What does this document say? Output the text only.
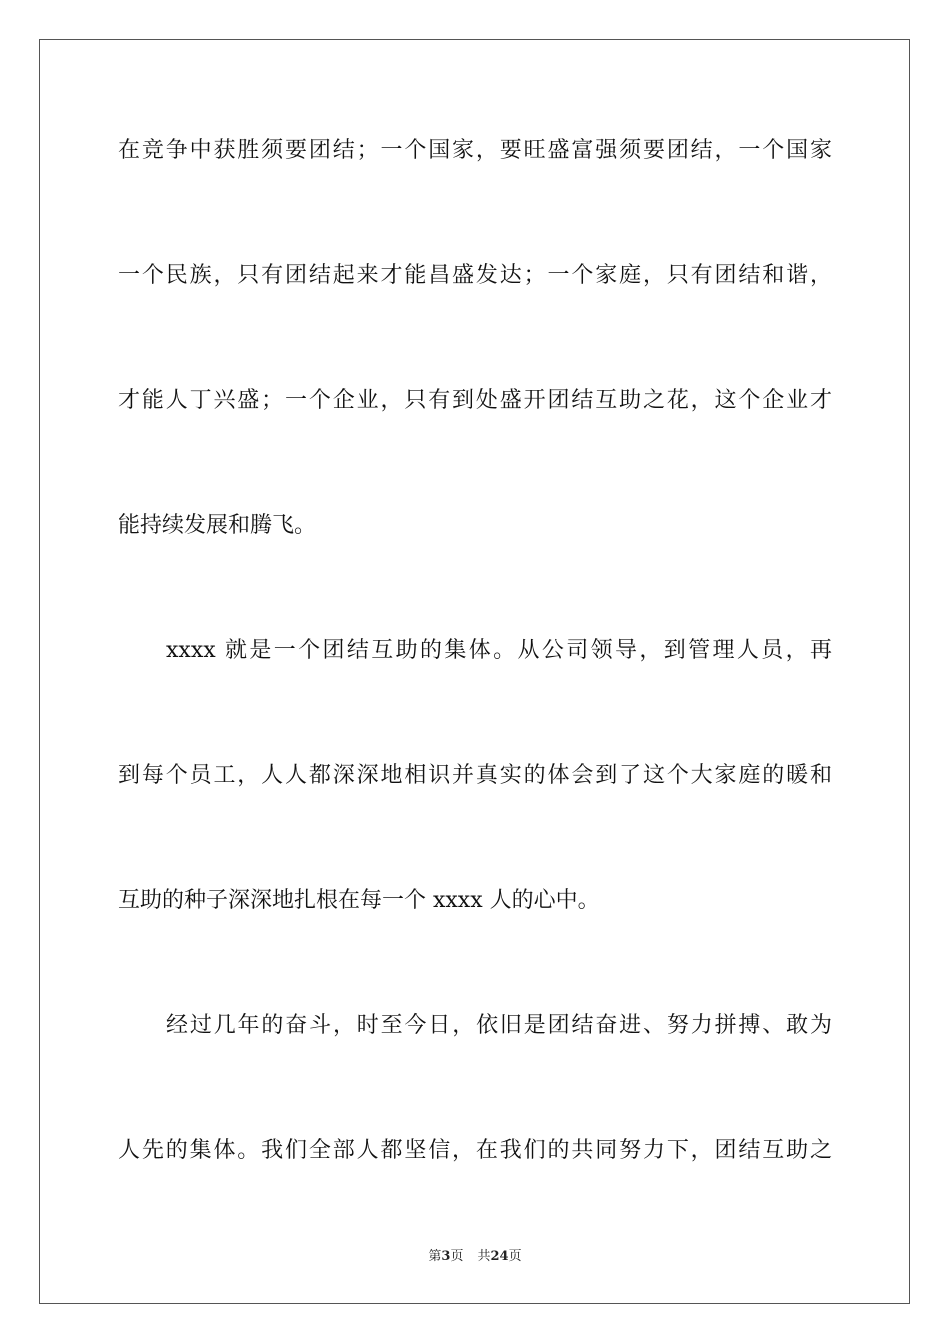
在竞争中获胜须要团结；一个国家，要旺盛富强须要团结，一个国家
一个民族，只有团结起来才能昌盛发达；一个家庭，只有团结和谐，
才能人丁兴盛；一个企业，只有到处盛开团结互助之花，这个企业才
能持续发展和腾飞。
xxxx 就是一个团结互助的集体。从公司领导，到管理人员，再
到每个员工，人人都深深地相识并真实的体会到了这个大家庭的暖和
互助的种子深深地扎根在每一个 xxxx 人的心中。
经过几年的奋斗，时至今日，依旧是团结奋进、努力拼搏、敢为
人先的集体。我们全部人都坚信，在我们的共同努力下，团结互助之
第3页 共24页
